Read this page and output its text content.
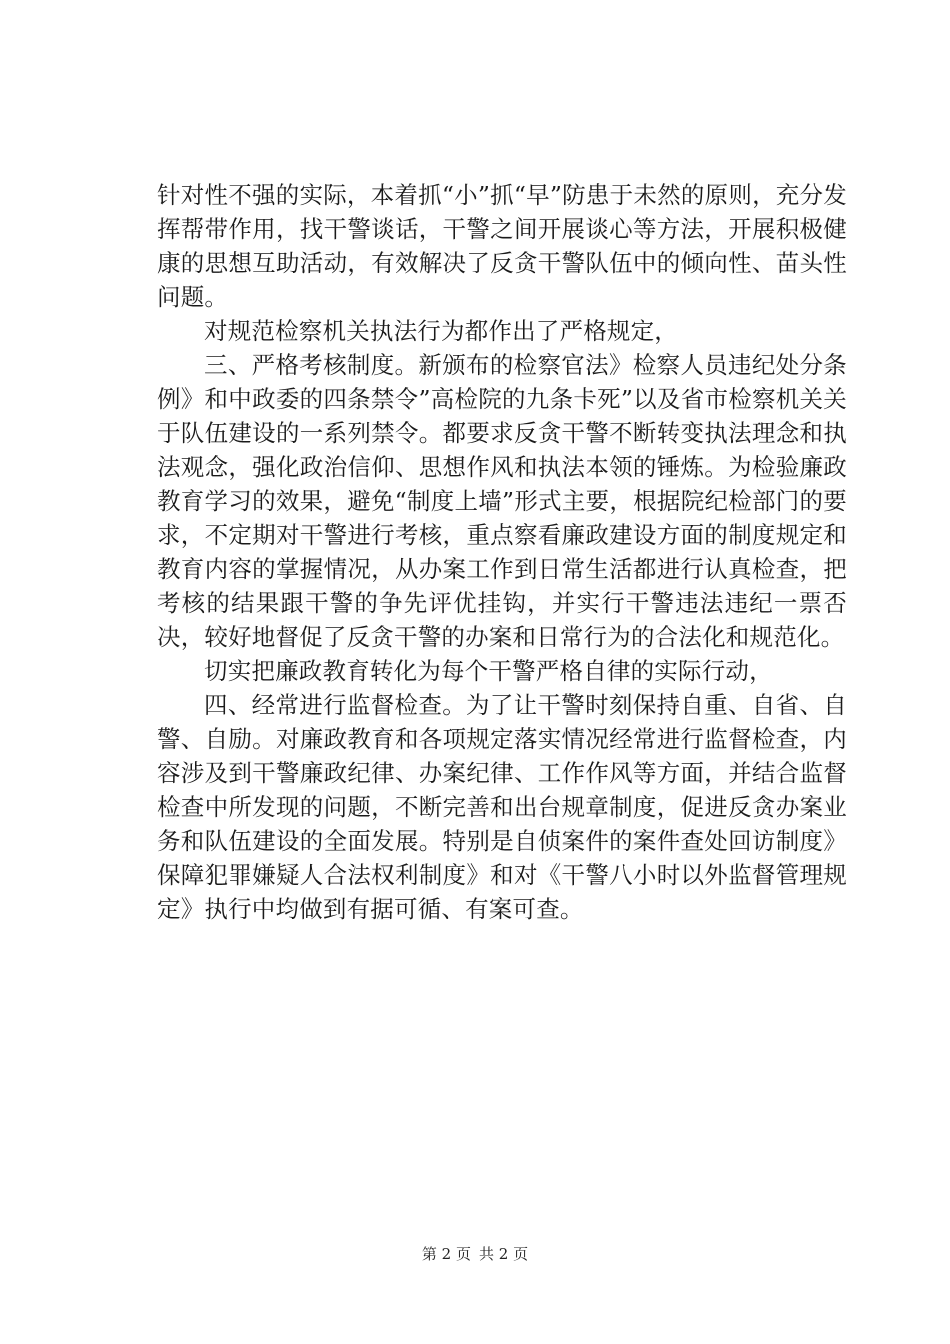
针对性不强的实际，本着抓“小”抓“早”防患于未然的原则，充分发挥帮带作用，找干警谈话，干警之间开展谈心等方法，开展积极健康的思想互助活动，有效解决了反贪干警队伍中的倾向性、苗头性问题。

对规范检察机关执法行为都作出了严格规定，

三、严格考核制度。新颁布的检察官法》检察人员违纪处分条例》和中政委的四条禁令”高检院的九条卡死”以及省市检察机关关于队伍建设的一系列禁令。都要求反贪干警不断转变执法理念和执法观念，强化政治信仰、思想作风和执法本领的锤炼。为检验廉政教育学习的效果，避免“制度上墙”形式主要，根据院纪检部门的要求，不定期对干警进行考核，重点察看廉政建设方面的制度规定和教育内容的掌握情况，从办案工作到日常生活都进行认真检查，把考核的结果跟干警的争先评优挂钩，并实行干警违法违纪一票否决，较好地督促了反贪干警的办案和日常行为的合法化和规范化。

切实把廉政教育转化为每个干警严格自律的实际行动，

四、经常进行监督检查。为了让干警时刻保持自重、自省、自警、自励。对廉政教育和各项规定落实情况经常进行监督检查，内容涉及到干警廉政纪律、办案纪律、工作作风等方面，并结合监督检查中所发现的问题，不断完善和出台规章制度，促进反贪办案业务和队伍建设的全面发展。特别是自侦案件的案件查处回访制度》保障犯罪嫌疑人合法权利制度》和对《干警八小时以外监督管理规定》执行中均做到有据可循、有案可查。

第 2 页 共 2 页
